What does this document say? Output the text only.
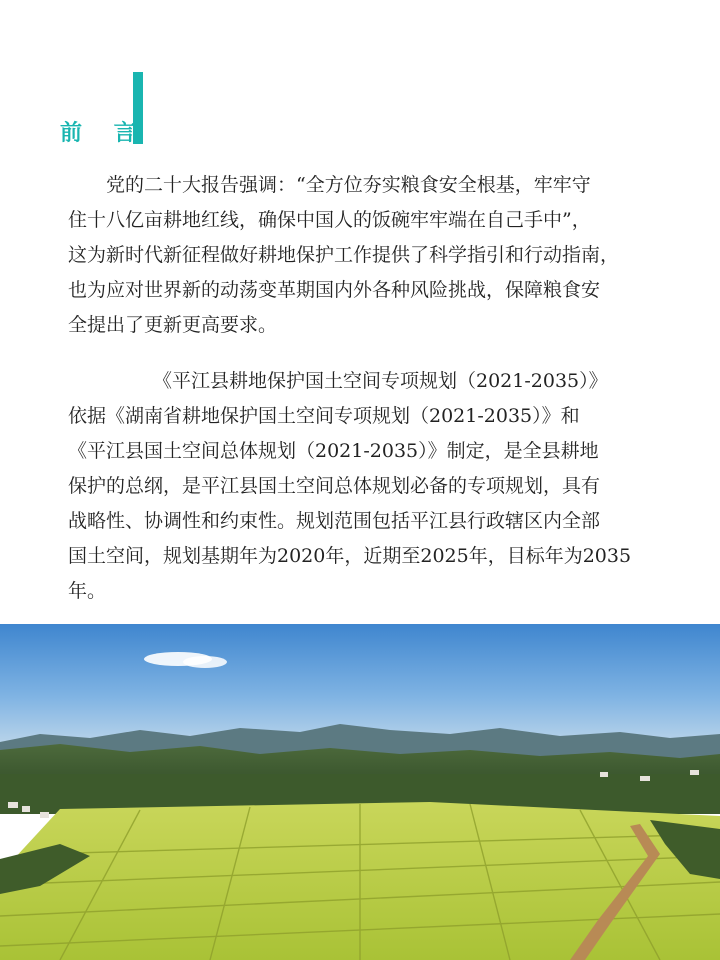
前 言

党的二十大报告强调：“全方位夯实粮食安全根基，牢牢守
住十八亿亩耕地红线，确保中国人的饭碗牢牢端在自己手中”，
这为新时代新征程做好耕地保护工作提供了科学指引和行动指南，
也为应对世界新的动荡变革期国内外各种风险挑战，保障粮食安
全提出了更新更高要求。

《平江县耕地保护国土空间专项规划（2021-2035）》
依据《湖南省耕地保护国土空间专项规划（2021-2035）》和
《平江县国土空间总体规划（2021-2035）》制定，是全县耕地
保护的总纲，是平江县国土空间总体规划必备的专项规划，具有
战略性、协调性和约束性。规划范围包括平江县行政辖区内全部
国土空间，规划基期年为2020年，近期至2025年，目标年为2035
年。
